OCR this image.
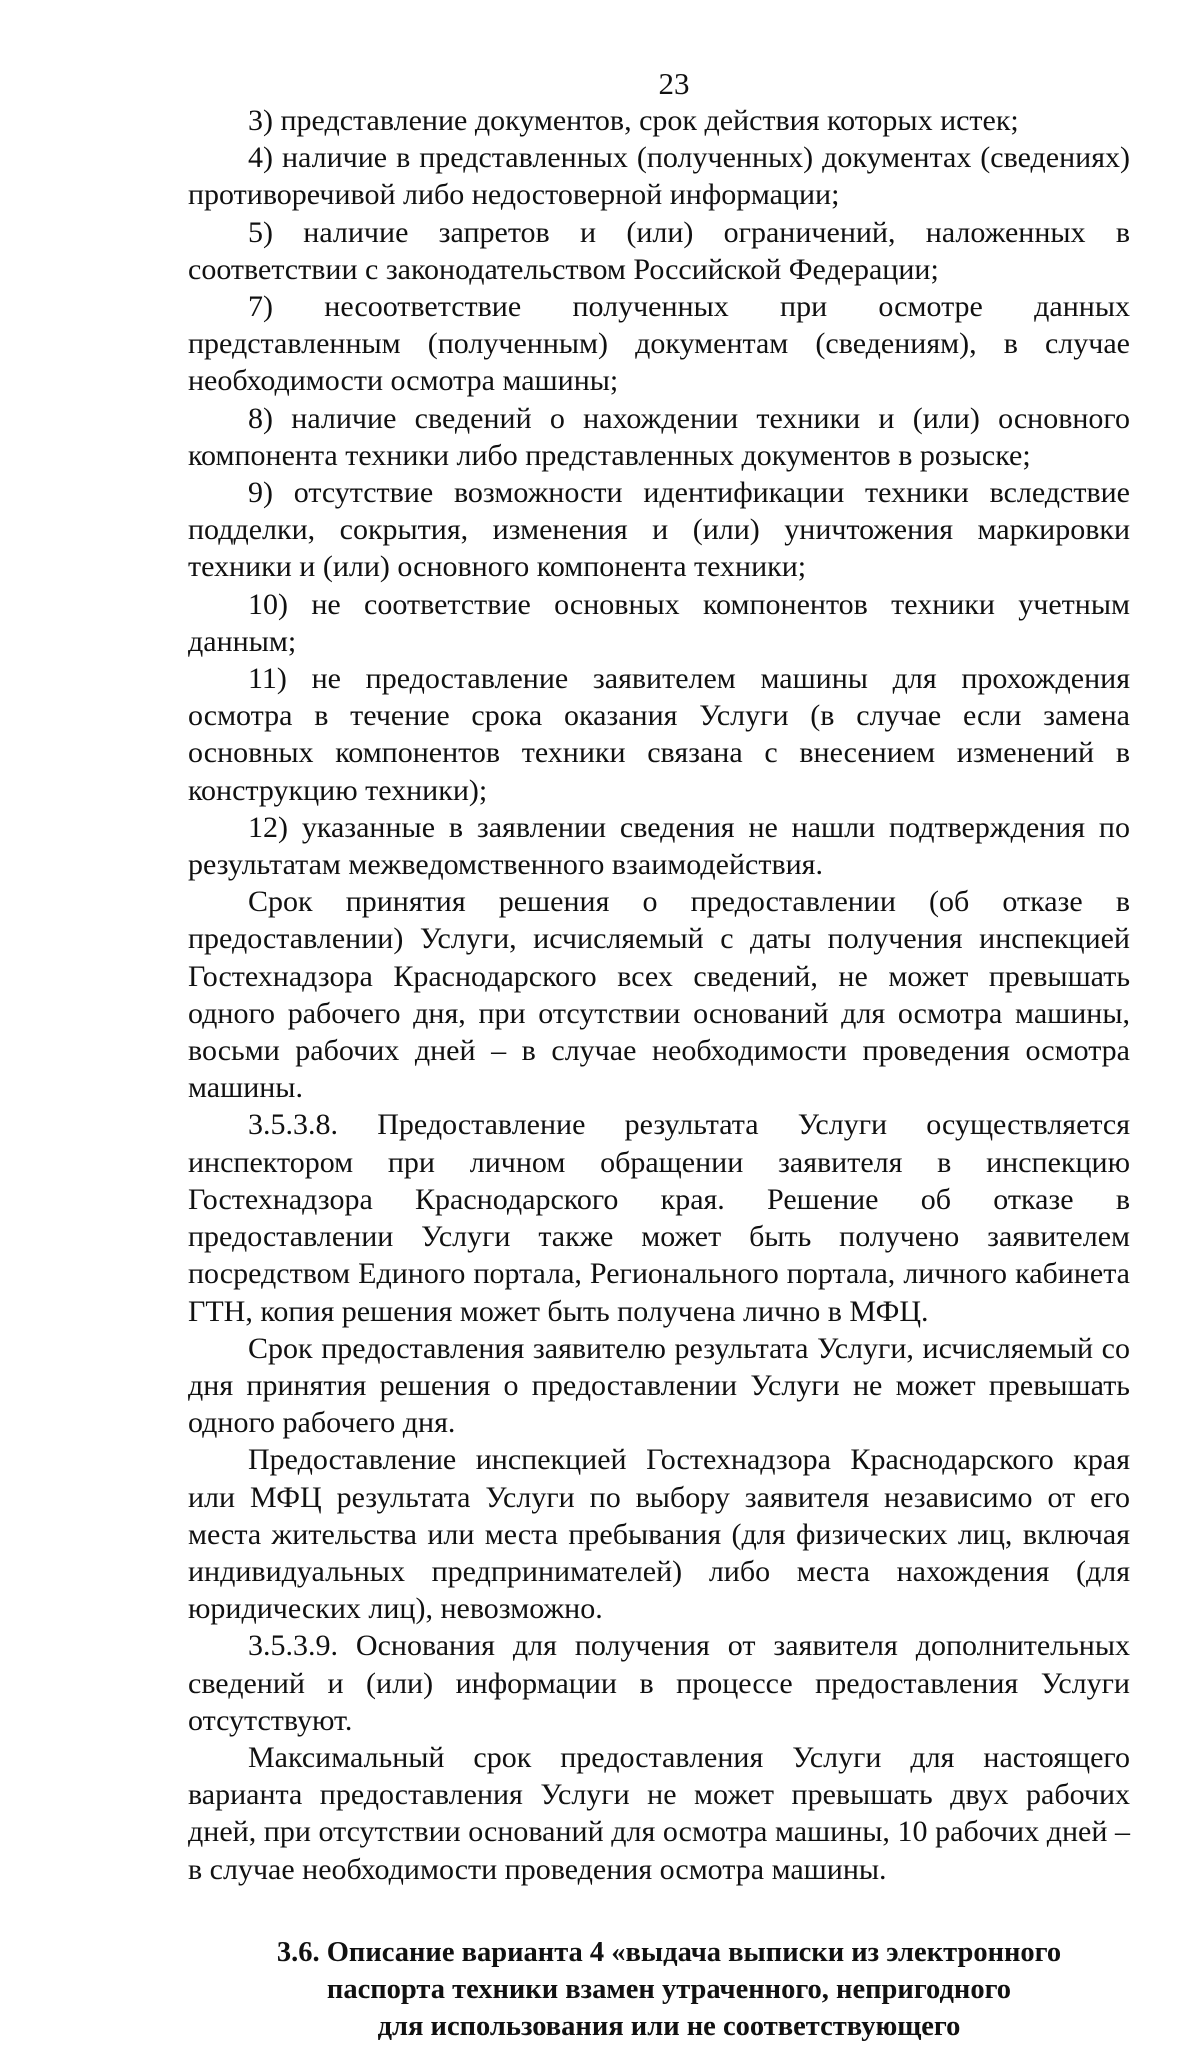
23

3) представление документов, срок действия которых истек;

4) наличие в представленных (полученных) документах (сведениях) противоречивой либо недостоверной информации;

5) наличие запретов и (или) ограничений, наложенных в соответствии с законодательством Российской Федерации;

7) несоответствие полученных при осмотре данных представленным (полученным) документам (сведениям), в случае необходимости осмотра машины;

8) наличие сведений о нахождении техники и (или) основного компонента техники либо представленных документов в розыске;

9) отсутствие возможности идентификации техники вследствие подделки, сокрытия, изменения и (или) уничтожения маркировки техники и (или) основного компонента техники;

10) не соответствие основных компонентов техники учетным данным;

11) не предоставление заявителем машины для прохождения осмотра в течение срока оказания Услуги (в случае если замена основных компонентов техники связана с внесением изменений в конструкцию техники);

12) указанные в заявлении сведения не нашли подтверждения по результатам межведомственного взаимодействия.

Срок принятия решения о предоставлении (об отказе в предоставлении) Услуги, исчисляемый с даты получения инспекцией Гостехнадзора Краснодарского всех сведений, не может превышать одного рабочего дня, при отсутствии оснований для осмотра машины, восьми рабочих дней – в случае необходимости проведения осмотра машины.

3.5.3.8. Предоставление результата Услуги осуществляется инспектором при личном обращении заявителя в инспекцию Гостехнадзора Краснодарского края. Решение об отказе в предоставлении Услуги также может быть получено заявителем посредством Единого портала, Регионального портала, личного кабинета ГТН, копия решения может быть получена лично в МФЦ.

Срок предоставления заявителю результата Услуги, исчисляемый со дня принятия решения о предоставлении Услуги не может превышать одного рабочего дня.

Предоставление инспекцией Гостехнадзора Краснодарского края или МФЦ результата Услуги по выбору заявителя независимо от его места жительства или места пребывания (для физических лиц, включая индивидуальных предпринимателей) либо места нахождения (для юридических лиц), невозможно.

3.5.3.9. Основания для получения от заявителя дополнительных сведений и (или) информации в процессе предоставления Услуги отсутствуют.

Максимальный срок предоставления Услуги для настоящего варианта предоставления Услуги не может превышать двух рабочих дней, при отсутствии оснований для осмотра машины, 10 рабочих дней – в случае необходимости проведения осмотра машины.

3.6. Описание варианта 4 «выдача выписки из электронного
паспорта техники взамен утраченного, непригодного
для использования или не соответствующего
